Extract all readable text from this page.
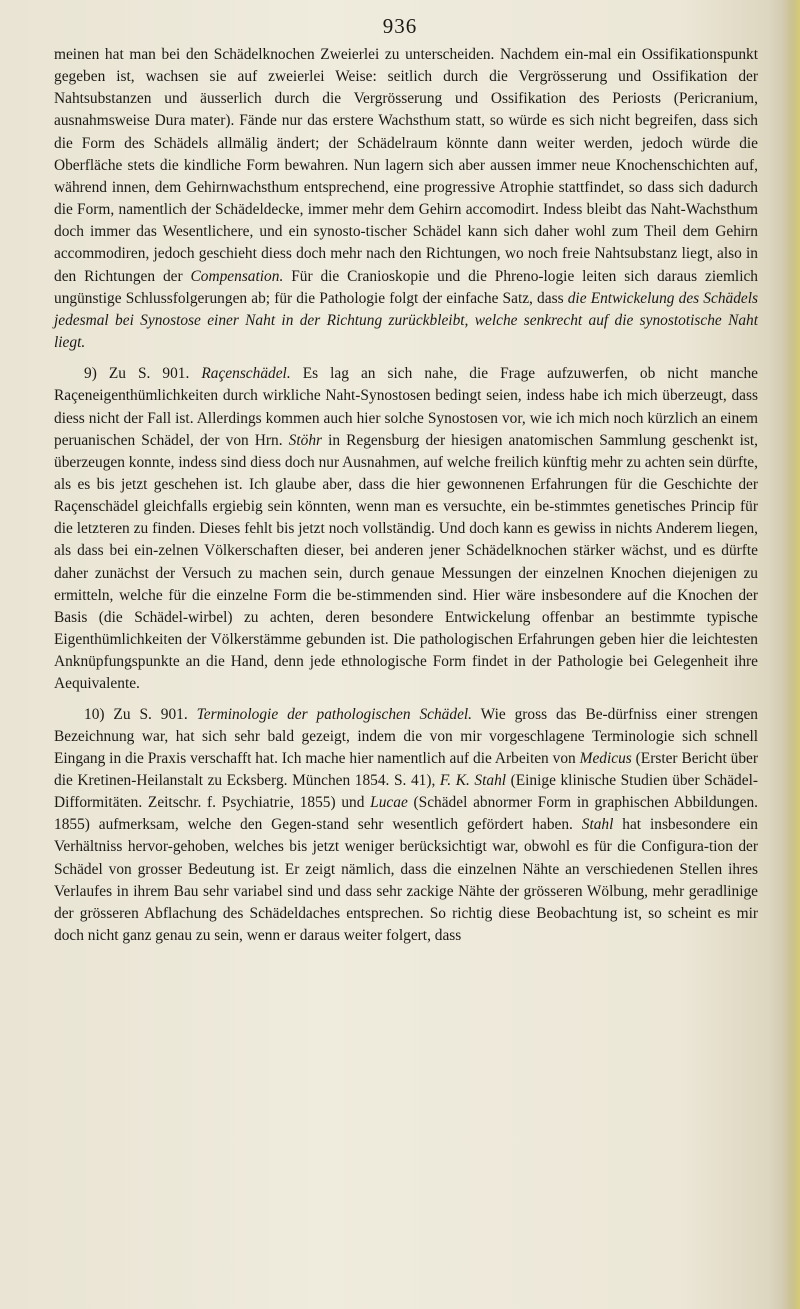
936

meinen hat man bei den Schädelknochen Zweierlei zu unterscheiden. Nachdem ein-mal ein Ossifikationspunkt gegeben ist, wachsen sie auf zweierlei Weise: seitlich durch die Vergrösserung und Ossifikation der Nahtsubstanzen und äusserlich durch die Vergrösserung und Ossifikation des Periosts (Pericranium, ausnahmsweise Dura mater). Fände nur das erstere Wachsthum statt, so würde es sich nicht begreifen, dass sich die Form des Schädels allmälig ändert; der Schädelraum könnte dann weiter werden, jedoch würde die Oberfläche stets die kindliche Form bewahren. Nun lagern sich aber aussen immer neue Knochenschichten auf, während innen, dem Gehirnwachsthum entsprechend, eine progressive Atrophie stattfindet, so dass sich dadurch die Form, namentlich der Schädeldecke, immer mehr dem Gehirn accomodirt. Indess bleibt das Naht-Wachsthum doch immer das Wesentlichere, und ein synosto-tischer Schädel kann sich daher wohl zum Theil dem Gehirn accommodiren, jedoch geschieht diess doch mehr nach den Richtungen, wo noch freie Nahtsubstanz liegt, also in den Richtungen der Compensation. Für die Cranioskopie und die Phreno-logie leiten sich daraus ziemlich ungünstige Schlussfolgerungen ab; für die Pathologie folgt der einfache Satz, dass die Entwickelung des Schädels jedesmal bei Synostose einer Naht in der Richtung zurückbleibt, welche senkrecht auf die synostotische Naht liegt.

9) Zu S. 901. Raçenschädel. Es lag an sich nahe, die Frage aufzuwerfen, ob nicht manche Raçeneigenthümlichkeiten durch wirkliche Naht-Synostosen bedingt seien, indess habe ich mich überzeugt, dass diess nicht der Fall ist. Allerdings kommen auch hier solche Synostosen vor, wie ich mich noch kürzlich an einem peruanischen Schädel, der von Hrn. Stöhr in Regensburg der hiesigen anatomischen Sammlung geschenkt ist, überzeugen konnte, indess sind diess doch nur Ausnahmen, auf welche freilich künftig mehr zu achten sein dürfte, als es bis jetzt geschehen ist. Ich glaube aber, dass die hier gewonnenen Erfahrungen für die Geschichte der Raçenschädel gleichfalls ergiebig sein könnten, wenn man es versuchte, ein be-stimmtes genetisches Princip für die letzteren zu finden. Dieses fehlt bis jetzt noch vollständig. Und doch kann es gewiss in nichts Anderem liegen, als dass bei ein-zelnen Völkerschaften dieser, bei anderen jener Schädelknochen stärker wächst, und es dürfte daher zunächst der Versuch zu machen sein, durch genaue Messungen der einzelnen Knochen diejenigen zu ermitteln, welche für die einzelne Form die be-stimmenden sind. Hier wäre insbesondere auf die Knochen der Basis (die Schädel-wirbel) zu achten, deren besondere Entwickelung offenbar an bestimmte typische Eigenthümlichkeiten der Völkerstämme gebunden ist. Die pathologischen Erfahrungen geben hier die leichtesten Anknüpfungspunkte an die Hand, denn jede ethnologische Form findet in der Pathologie bei Gelegenheit ihre Aequivalente.

10) Zu S. 901. Terminologie der pathologischen Schädel. Wie gross das Be-dürfniss einer strengen Bezeichnung war, hat sich sehr bald gezeigt, indem die von mir vorgeschlagene Terminologie sich schnell Eingang in die Praxis verschafft hat. Ich mache hier namentlich auf die Arbeiten von Medicus (Erster Bericht über die Kretinen-Heilanstalt zu Ecksberg. München 1854. S. 41), F. K. Stahl (Einige klinische Studien über Schädel-Difformitäten. Zeitschr. f. Psychiatrie, 1855) und Lucae (Schädel abnormer Form in graphischen Abbildungen. 1855) aufmerksam, welche den Gegen-stand sehr wesentlich gefördert haben. Stahl hat insbesondere ein Verhältniss hervor-gehoben, welches bis jetzt weniger berücksichtigt war, obwohl es für die Configura-tion der Schädel von grosser Bedeutung ist. Er zeigt nämlich, dass die einzelnen Nähte an verschiedenen Stellen ihres Verlaufes in ihrem Bau sehr variabel sind und dass sehr zackige Nähte der grösseren Wölbung, mehr geradlinige der grösseren Abflachung des Schädeldaches entsprechen. So richtig diese Beobachtung ist, so scheint es mir doch nicht ganz genau zu sein, wenn er daraus weiter folgert, dass
